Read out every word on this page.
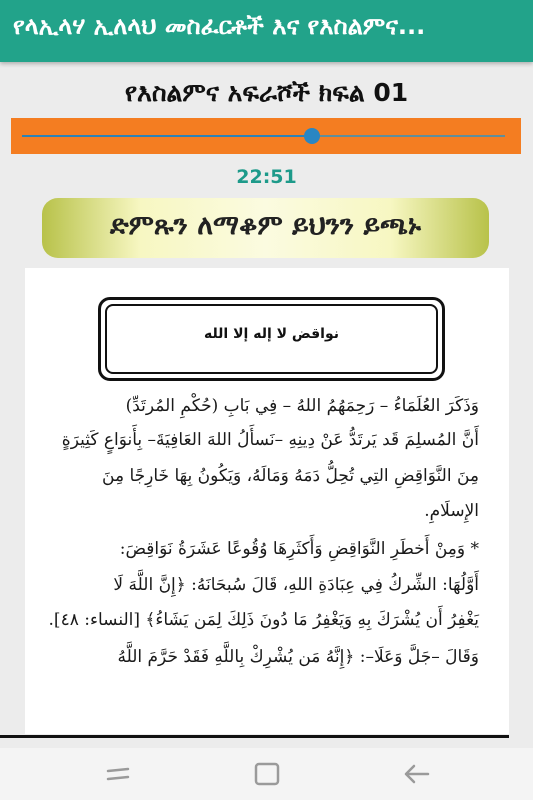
የላኢላሃ ኢለላህ መስፈርቶች እና የእስልምና...
የእስልምና አፍራሾች ክፍል 01
22:51
ድምጹን ለማቆም ይህንን ይጫኑ
نواقض لا إله إلا الله
وَذَكَرَ العُلَمَاءُ – رَحِمَهُمُ اللهُ – فِي بَابِ (حُكْمِ المُرتَدِّ)
أَنَّ المُسلِمَ قَد يَرتَدُّ عَنْ دِينِهِ –نَسأَلُ اللهَ العَافِيَةَ– بِأَنوَاعٍ كَثِيرَةٍ
مِنَ النَّوَاقِضِ التِي تُحِلُّ دَمَهُ وَمَالَهُ، وَيَكُونُ بِهَا خَارِجًا مِنَ
الإِسلَامِ.
* وَمِنْ أَخطَرِ النَّوَاقِضِ وَأَكثَرِهَا وُقُوعًا عَشَرَةُ نَوَاقِضَ:
أَوَّلُهَا: الشِّركُ فِي عِبَادَةِ اللهِ، قَالَ سُبحَانَهُ: ﴿إِنَّ اللَّهَ لَا
يَغْفِرُ أَن يُشْرَكَ بِهِ وَيَغْفِرُ مَا دُونَ ذَلِكَ لِمَن يَشَاءُ﴾ [النساء: ٤٨].
وَقَالَ –جَلَّ وَعَلَا–: ﴿إِنَّهُ مَن يُشْرِكْ بِاللَّهِ فَقَدْ حَرَّمَ اللَّهُ
